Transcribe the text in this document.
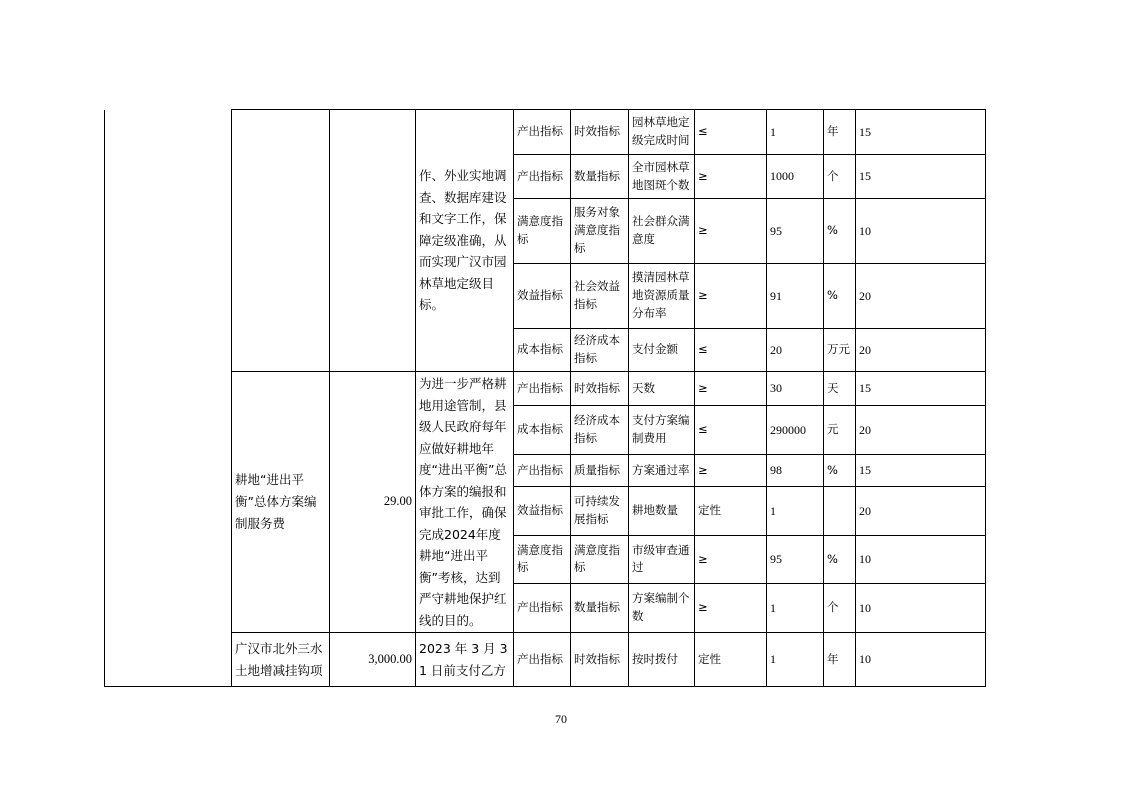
			作、外业实地调查、数据库建设和文字工作，保障定级准确，从而实现广汉市园林草地定级目标。	产出指标	时效指标	园林草地定级完成时间	≤	1	年	15	
				产出指标	数量指标	全市园林草地图斑个数	≥	1000	个	15	
				满意度指标	服务对象满意度指标	社会群众满意度	≥	95	%	10	
				效益指标	社会效益指标	摸清园林草地资源质量分布率	≥	91	%	20	
				成本指标	经济成本指标	支付金额	≤	20	万元	20	
	耕地“进出平衡”总体方案编制服务费	29.00	为进一步严格耕地用途管制，县级人民政府每年应做好耕地年度“进出平衡”总体方案的编报和审批工作，确保完成2024年度耕地“进出平衡”考核，达到严守耕地保护红线的目的。	产出指标	时效指标	天数	≥	30	天	15	
				成本指标	经济成本指标	支付方案编制费用	≤	290000	元	20	
				产出指标	质量指标	方案通过率	≥	98	%	15	
				效益指标	可持续发展指标	耕地数量	定性	1		20	
				满意度指标	满意度指标	市级审查通过	≥	95	%	10	
				产出指标	数量指标	方案编制个数	≥	1	个	10	
	广汉市北外三水土地增减挂钩项	3,000.00	2023 年 3 月 31 日前支付乙方	产出指标	时效指标	按时拨付	定性	1	年	10	
70
